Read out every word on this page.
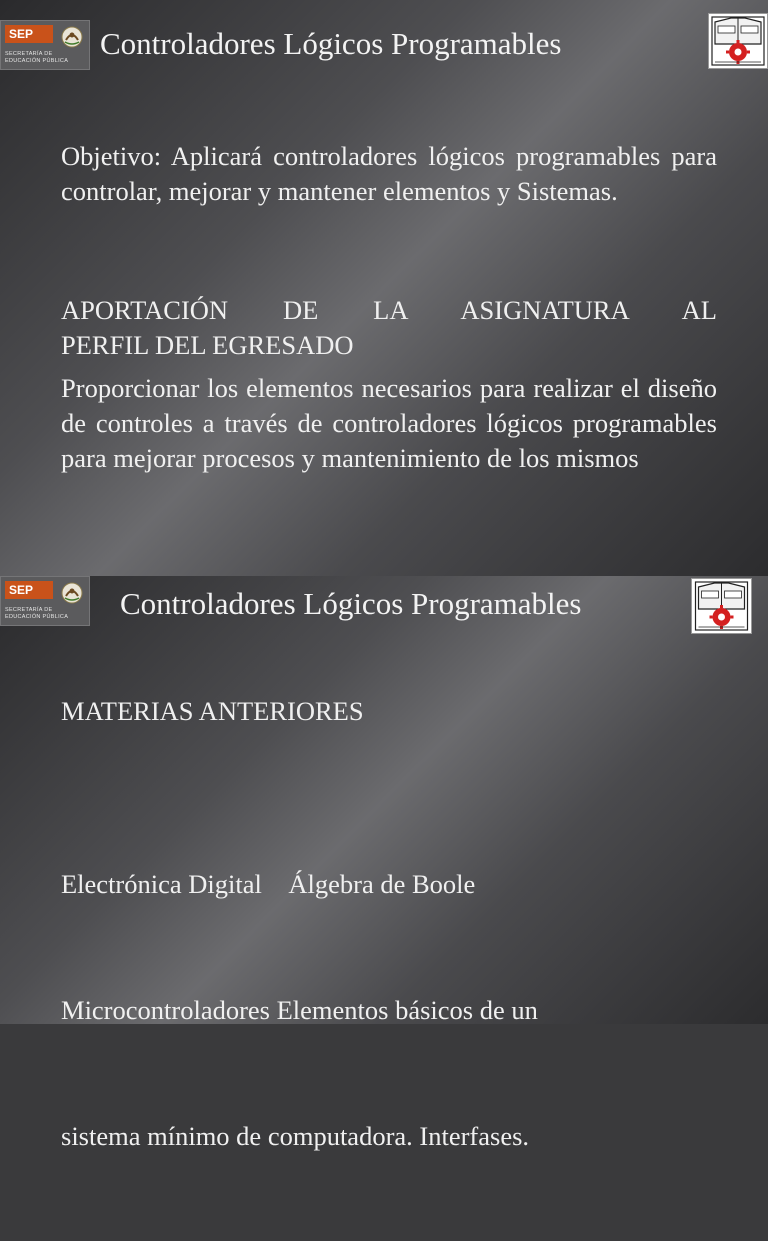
SEP
SECRETARÍA DE
EDUCACIÓN PÚBLICA	Controladores Lógicos Programables

Objetivo: Aplicará controladores lógicos programables para controlar, mejorar y mantener elementos y Sistemas.

APORTACIÓN DE LA ASIGNATURA AL
PERFIL DEL EGRESADO

Proporcionar los elementos necesarios para realizar el diseño de controles a través de controladores lógicos programables para mejorar procesos y mantenimiento de los mismos

SEP
SECRETARÍA DE
EDUCACIÓN PÚBLICA	Controladores Lógicos Programables

MATERIAS ANTERIORES

Electrónica Digital    Álgebra de Boole

Microcontroladores Elementos básicos de un

sistema mínimo de computadora. Interfases.
